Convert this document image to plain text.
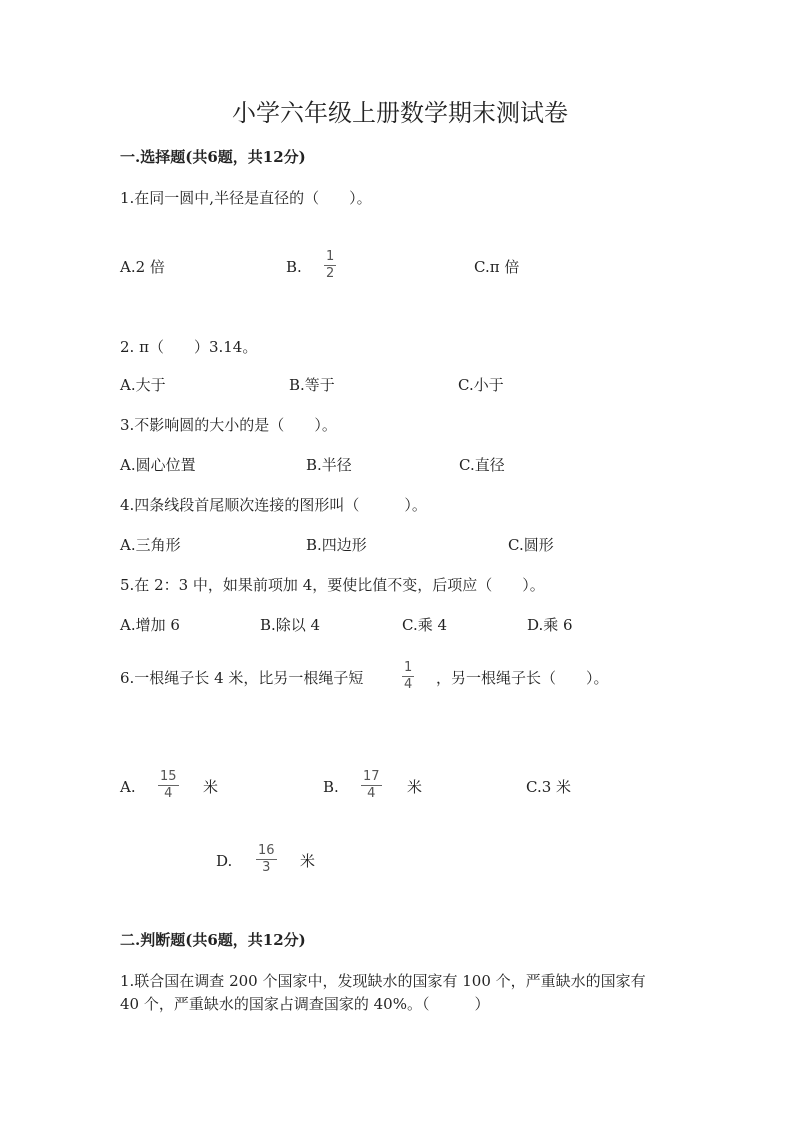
小学六年级上册数学期末测试卷
一.选择题(共6题，共12分)
1.在同一圆中,半径是直径的（　　）。
A.2 倍	B.
1
2	C.π 倍
2. π（　　）3.14。
A.大于	B.等于	C.小于
3.不影响圆的大小的是（　　）。
A.圆心位置	B.半径	C.直径
4.四条线段首尾顺次连接的图形叫（　　　）。
A.三角形	B.四边形	C.圆形
5.在 2：3 中，如果前项加 4，要使比值不变，后项应（　　）。
A.增加 6	B.除以 4	C.乘 4	D.乘 6
6.一根绳子长 4 米，比另一根绳子短
1
4 ，另一根绳子长（　　）。
A.
15
4 米	B.
17
4 米	C.3 米
D.
16
3 米
二.判断题(共6题，共12分)
1.联合国在调查 200 个国家中，发现缺水的国家有 100 个，严重缺水的国家有
40 个，严重缺水的国家占调查国家的 40%。（　　　）
